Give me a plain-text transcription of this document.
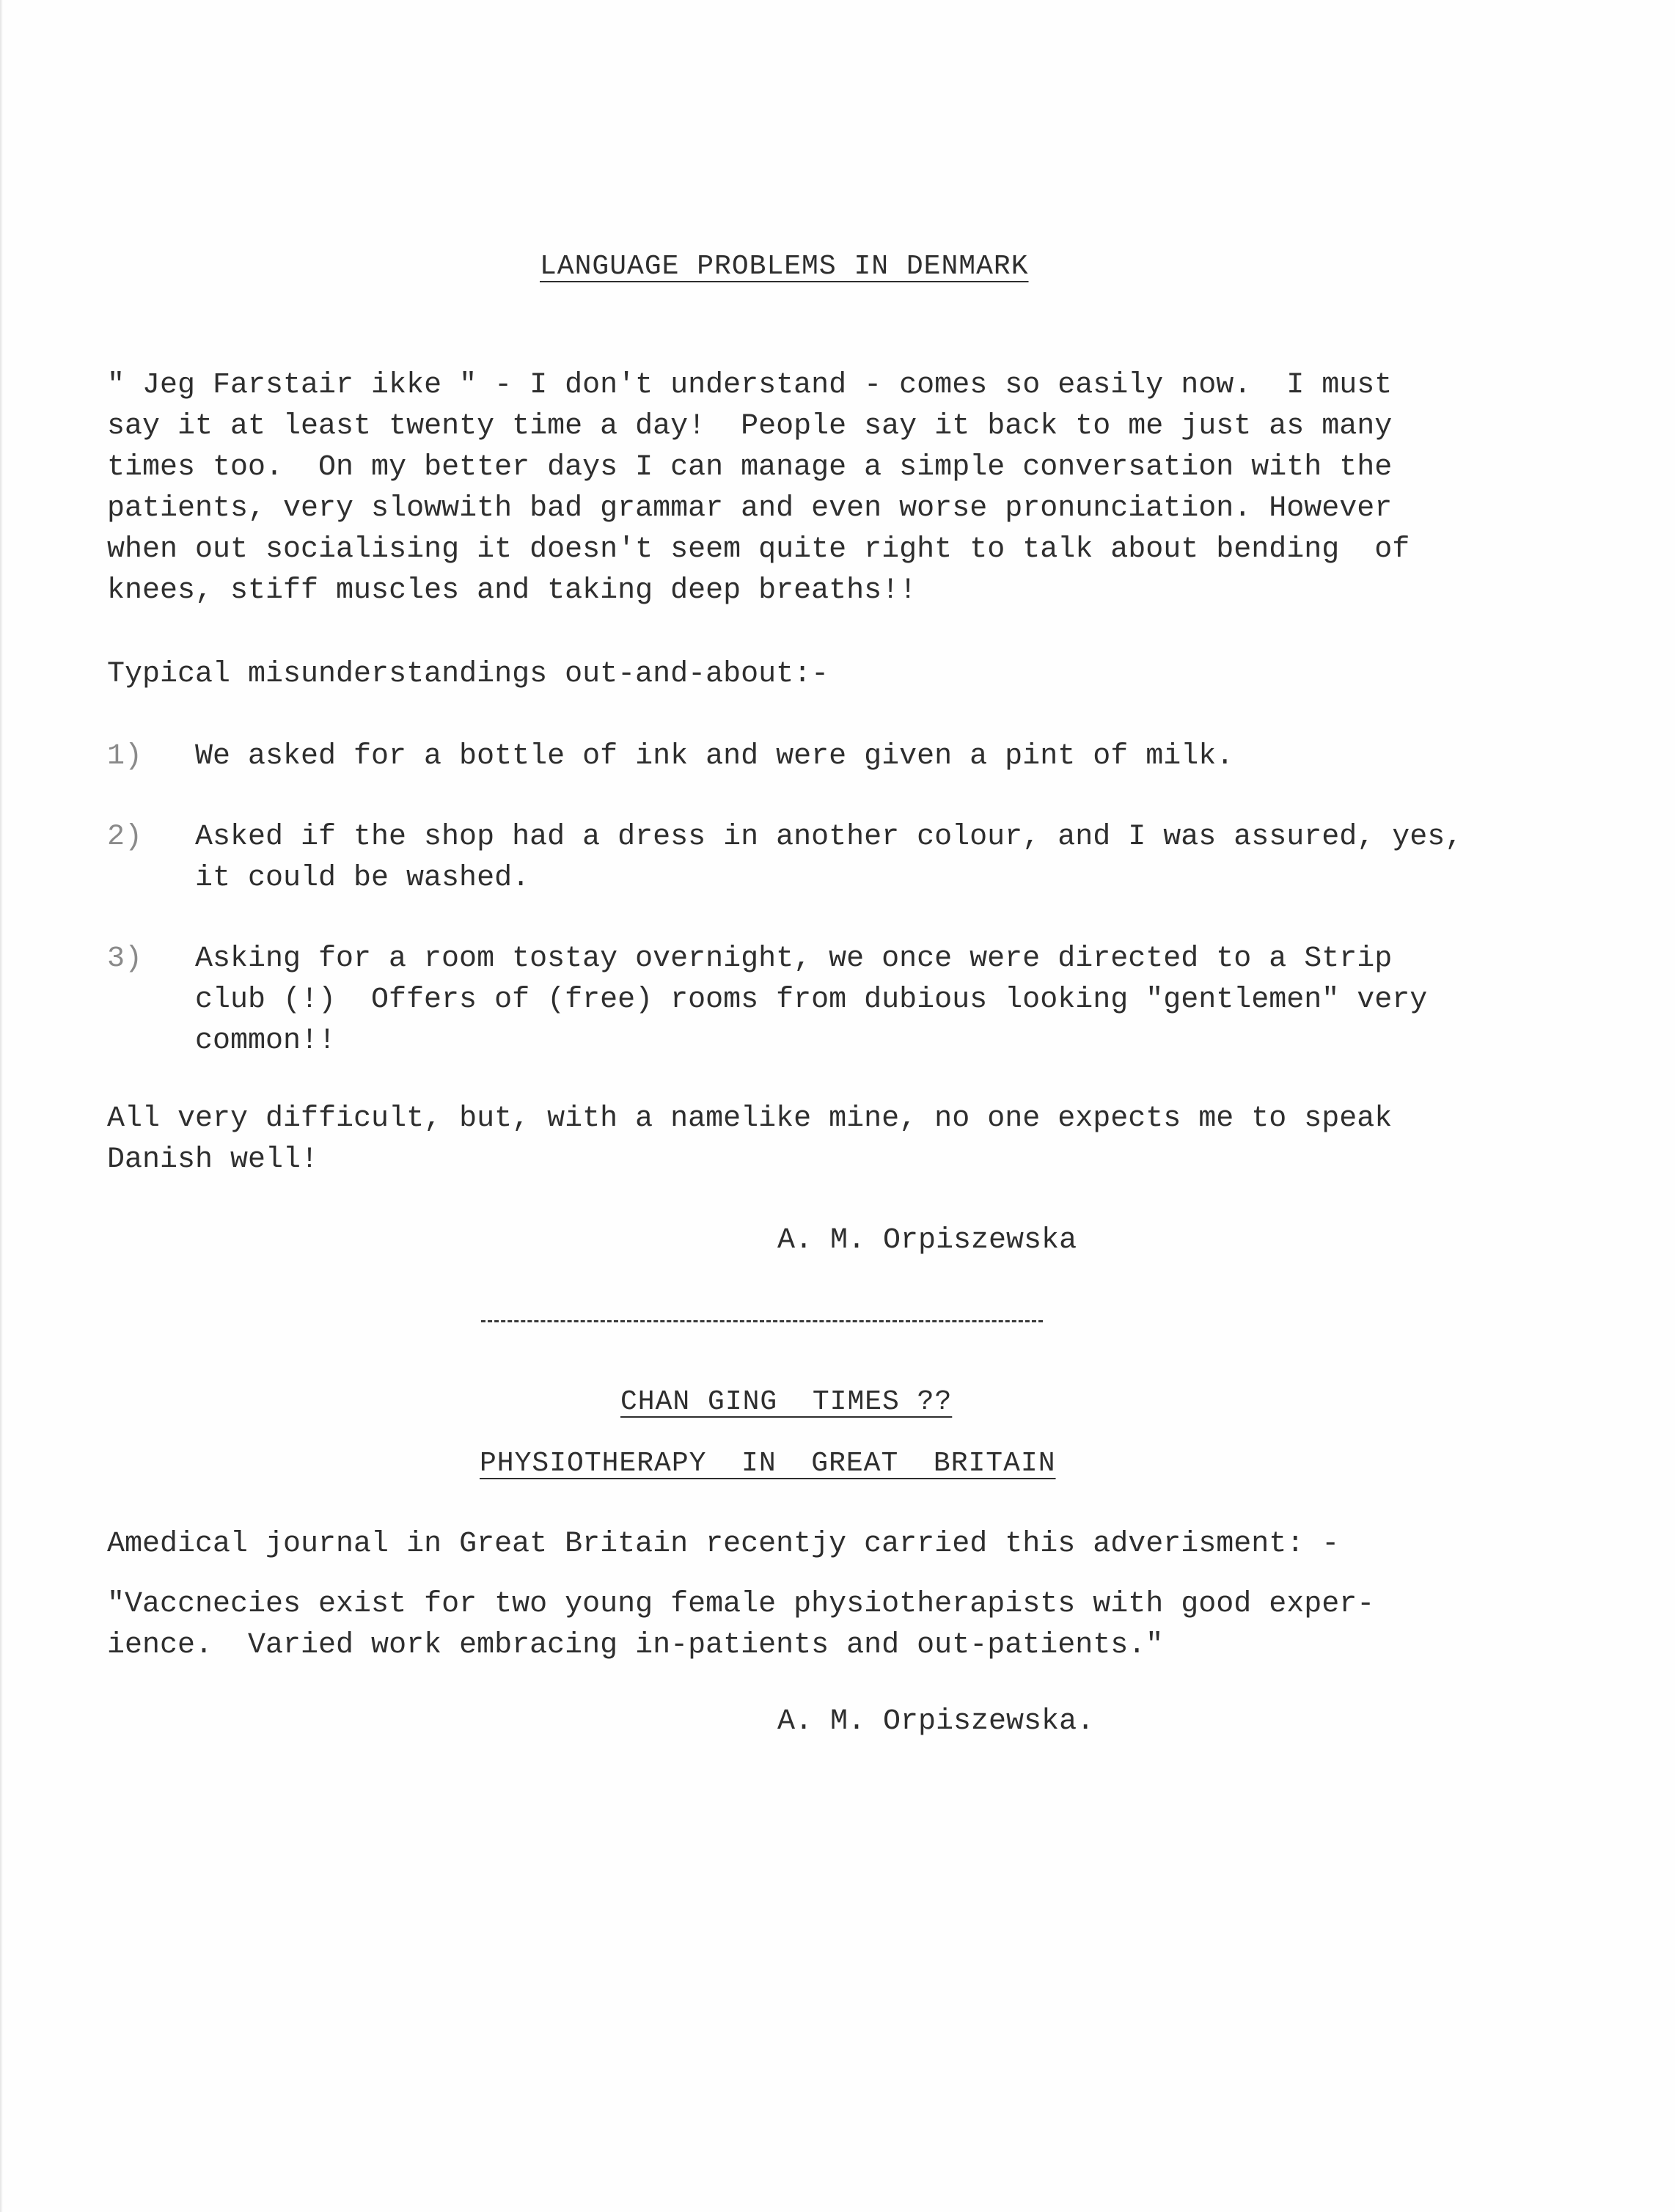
LANGUAGE PROBLEMS IN DENMARK
" Jeg Farstair ikke " - I don't understand - comes so easily now.  I must
say it at least twenty time a day!  People say it back to me just as many
times too.  On my better days I can manage a simple conversation with the
patients, very slowwith bad grammar and even worse pronunciation. However
when out socialising it doesn't seem quite right to talk about bending  of
knees, stiff muscles and taking deep breaths!!
Typical misunderstandings out-and-about:-
1) We asked for a bottle of ink and were given a pint of milk.
2) Asked if the shop had a dress in another colour, and I was assured, yes,
it could be washed.
3) Asking for a room tostay overnight, we once were directed to a Strip
club (!)  Offers of (free) rooms from dubious looking "gentlemen" very
common!!
All very difficult, but, with a namelike mine, no one expects me to speak
Danish well!
A. M. Orpiszewska
CHAN GING  TIMES ??
PHYSIOTHERAPY  IN  GREAT  BRITAIN
Amedical journal in Great Britain recentjy carried this adverisment: -
"Vaccnecies exist for two young female physiotherapists with good exper-
ience.  Varied work embracing in-patients and out-patients."
A. M. Orpiszewska.
